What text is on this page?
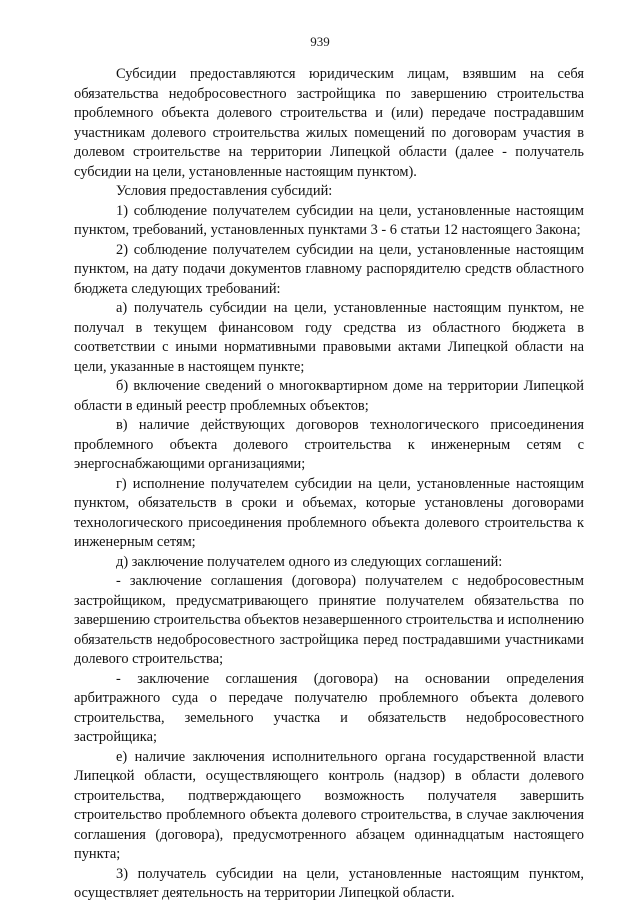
939

Субсидии предоставляются юридическим лицам, взявшим на себя обязательства недобросовестного застройщика по завершению строительства проблемного объекта долевого строительства и (или) передаче пострадавшим участникам долевого строительства жилых помещений по договорам участия в долевом строительстве на территории Липецкой области (далее - получатель субсидии на цели, установленные настоящим пунктом).

Условия предоставления субсидий:

1) соблюдение получателем субсидии на цели, установленные настоящим пунктом, требований, установленных пунктами 3 - 6 статьи 12 настоящего Закона;

2) соблюдение получателем субсидии на цели, установленные настоящим пунктом, на дату подачи документов главному распорядителю средств областного бюджета следующих требований:

а) получатель субсидии на цели, установленные настоящим пунктом, не получал в текущем финансовом году средства из областного бюджета в соответствии с иными нормативными правовыми актами Липецкой области на цели, указанные в настоящем пункте;

б) включение сведений о многоквартирном доме на территории Липецкой области в единый реестр проблемных объектов;

в) наличие действующих договоров технологического присоединения проблемного объекта долевого строительства к инженерным сетям с энергоснабжающими организациями;

г) исполнение получателем субсидии на цели, установленные настоящим пунктом, обязательств в сроки и объемах, которые установлены договорами технологического присоединения проблемного объекта долевого строительства к инженерным сетям;

д) заключение получателем одного из следующих соглашений:

- заключение соглашения (договора) получателем с недобросовестным застройщиком, предусматривающего принятие получателем обязательства по завершению строительства объектов незавершенного строительства и исполнению обязательств недобросовестного застройщика перед пострадавшими участниками долевого строительства;

- заключение соглашения (договора) на основании определения арбитражного суда о передаче получателю проблемного объекта долевого строительства, земельного участка и обязательств недобросовестного застройщика;

е) наличие заключения исполнительного органа государственной власти Липецкой области, осуществляющего контроль (надзор) в области долевого строительства, подтверждающего возможность получателя завершить строительство проблемного объекта долевого строительства, в случае заключения соглашения (договора), предусмотренного абзацем одиннадцатым настоящего пункта;

3) получатель субсидии на цели, установленные настоящим пунктом, осуществляет деятельность на территории Липецкой области.
